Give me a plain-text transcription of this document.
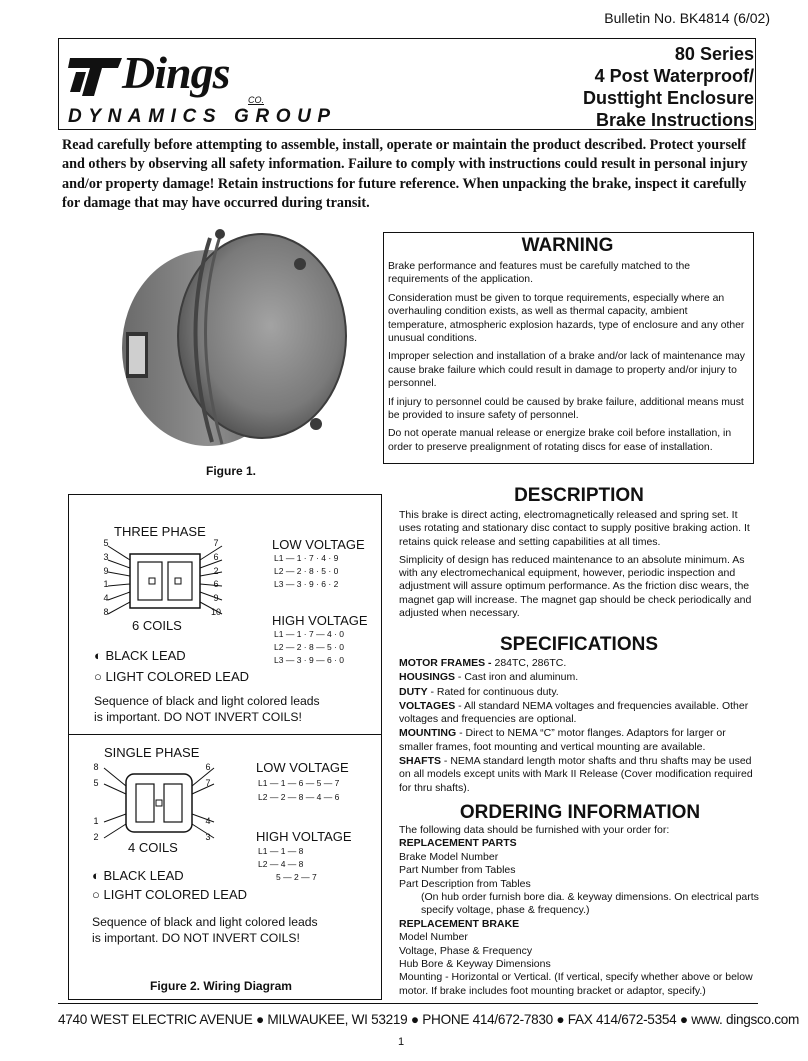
Bulletin No. BK4814 (6/02)
Dings
CO.
DYNAMICS GROUP
80 Series
4 Post Waterproof/
Dusttight Enclosure
Brake Instructions
Read carefully before attempting to assemble, install, operate or maintain the product described. Protect yourself and others by observing all safety information. Failure to comply with instructions could result in personal injury and/or property damage! Retain instructions for future reference. When unpacking the brake, inspect it carefully for damage that may have occurred during transit.
Figure 1.
WARNING

Brake performance and features must be carefully matched to the requirements of the application.

Consideration must be given to torque requirements, especially where an overhauling condition exists, as well as thermal capacity, ambient temperature, atmospheric explosion hazards, type of enclosure and any other unusual conditions.

Improper selection and installation of a brake and/or lack of maintenance may cause brake failure which could result in damage to property and/or injury to personnel.

If injury to personnel could be caused by brake failure, additional means must be provided to insure safety of personnel.

Do not operate manual release or energize brake coil before installation, in order to preserve prealignment of rotating discs for ease of installation.

DESCRIPTION

This brake is direct acting, electromagnetically released and spring set. It uses rotating and stationary disc contact to supply positive braking action. It retains quick release and setting capabilities at all times.

Simplicity of design has reduced maintenance to an absolute minimum. As with any electromechanical equipment, however, periodic inspection and adjustment will assure optimum performance. As the friction disc wears, the magnet gap will increase. The magnet gap should be check periodically and adjusted when necessary.

SPECIFICATIONS

MOTOR FRAMES - 284TC, 286TC.

HOUSINGS - Cast iron and aluminum.

DUTY - Rated for continuous duty.

VOLTAGES - All standard NEMA voltages and frequencies available. Other voltages and frequencies are optional.

MOUNTING - Direct to NEMA “C” motor flanges. Adaptors for larger or smaller frames, foot mounting and vertical mounting are available.

SHAFTS - NEMA standard length motor shafts and thru shafts may be used on all models except units with Mark II Release (Cover modification required for thru shafts).

ORDERING INFORMATION

The following data should be furnished with your order for:

REPLACEMENT PARTS

Brake Model Number

Part Number from Tables

Part Description from Tables

(On hub order furnish bore dia. & keyway dimensions. On electrical parts specify voltage, phase & frequency.)

REPLACEMENT BRAKE

Model Number

Voltage, Phase & Frequency

Hub Bore & Keyway Dimensions

Mounting - Horizontal or Vertical. (If vertical, specify whether above or below motor. If brake includes foot mounting bracket or adaptor, specify.)

THREE PHASE
5
3
9
1
4
8
7
6
2
6
9
10
6 COILS
LOW VOLTAGE
L1 — 1 · 7 · 4 · 9
L2 — 2 · 8 · 5 · 0
L3 — 3 · 9 · 6 · 2
HIGH VOLTAGE
L1 — 1 · 7 — 4 · 0
L2 — 2 · 8 — 5 · 0
L3 — 3 · 9 — 6 · 0
◐ BLACK LEAD
○ LIGHT COLORED LEAD
Sequence of black and light colored leads
is important. DO NOT INVERT COILS!
SINGLE PHASE
8
5
1
2
6
7
4
3
4 COILS
LOW VOLTAGE
L1 — 1 — 6 — 5 — 7
L2 — 2 — 8 — 4 — 6
HIGH VOLTAGE
L1 — 1 — 8
L2 — 4 — 8
5 — 2 — 7
◐ BLACK LEAD
○ LIGHT COLORED LEAD
Sequence of black and light colored leads
is important. DO NOT INVERT COILS!
Figure 2. Wiring Diagram
4740 WEST ELECTRIC AVENUE ● MILWAUKEE, WI 53219 ● PHONE 414/672-7830 ● FAX 414/672-5354 ● www. dingsco.com
1
